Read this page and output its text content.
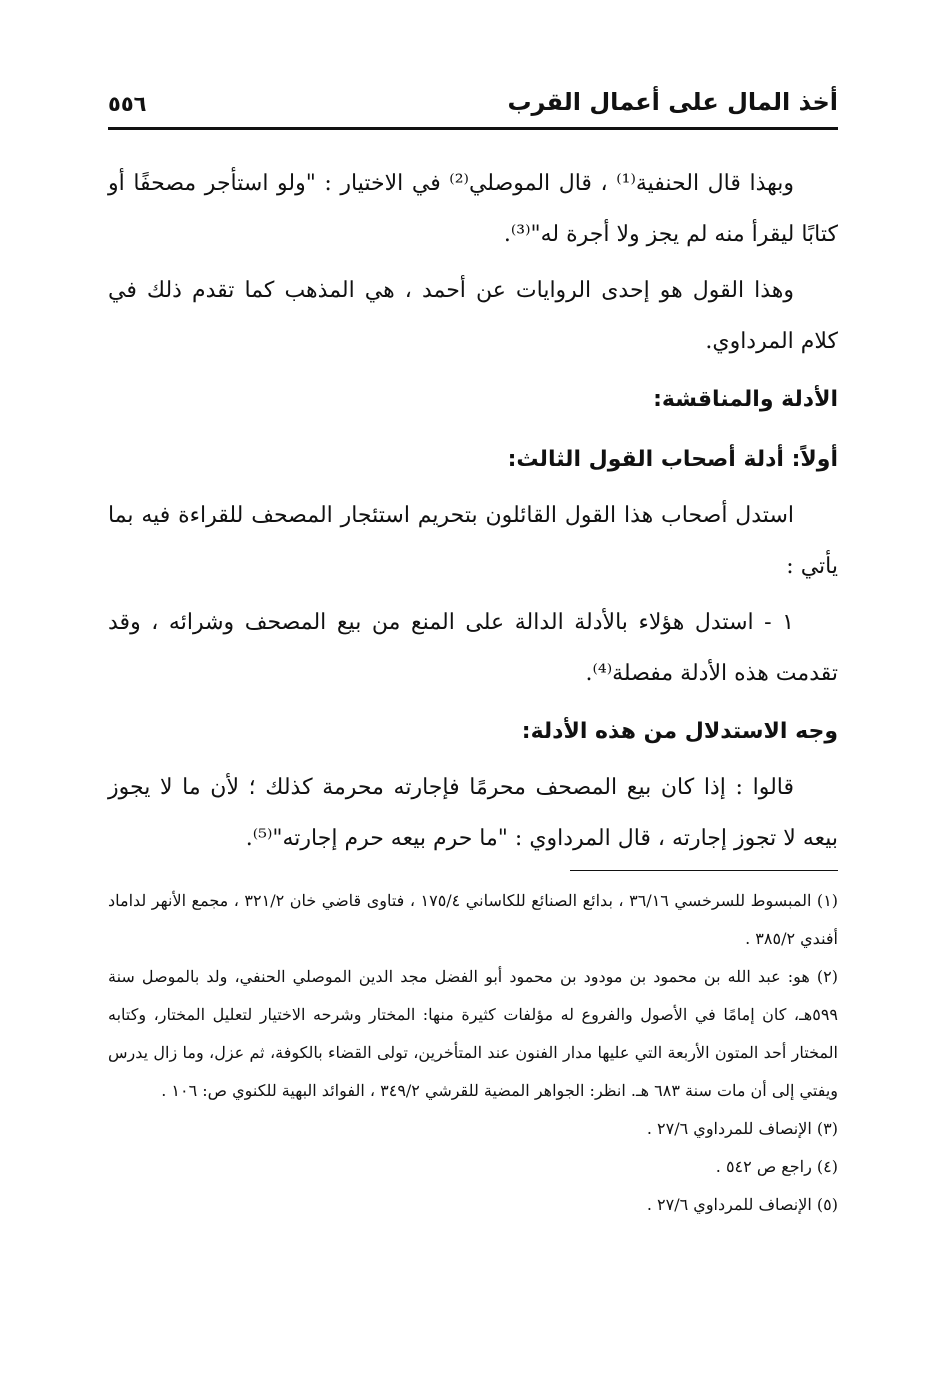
أخذ المال على أعمال القرب
٥٥٦

وبهذا قال الحنفية⁽¹⁾ ، قال الموصلي⁽²⁾ في الاختيار : "ولو استأجر مصحفًا أو كتابًا ليقرأ منه لم يجز ولا أجرة له"⁽³⁾.

وهذا القول هو إحدى الروايات عن أحمد ، هي المذهب كما تقدم ذلك في كلام المرداوي.

الأدلة والمناقشة:
أولاً: أدلة أصحاب القول الثالث:

استدل أصحاب هذا القول القائلون بتحريم استئجار المصحف للقراءة فيه بما يأتي :

١ - استدل هؤلاء بالأدلة الدالة على المنع من بيع المصحف وشرائه ، وقد تقدمت هذه الأدلة مفصلة⁽⁴⁾.

وجه الاستدلال من هذه الأدلة:

قالوا : إذا كان بيع المصحف محرمًا فإجارته محرمة كذلك ؛ لأن ما لا يجوز بيعه لا تجوز إجارته ، قال المرداوي : "ما حرم بيعه حرم إجارته"⁽⁵⁾.

(١) المبسوط للسرخسي ٣٦/١٦ ، بدائع الصنائع للكاساني ١٧٥/٤ ، فتاوى قاضي خان ٣٢١/٢ ، مجمع الأنهر لداماد أفندي ٣٨٥/٢ .

(٢) هو: عبد الله بن محمود بن مودود بن محمود أبو الفضل مجد الدين الموصلي الحنفي، ولد بالموصل سنة ٥٩٩هـ، كان إمامًا في الأصول والفروع له مؤلفات كثيرة منها: المختار وشرحه الاختيار لتعليل المختار، وكتابه المختار أحد المتون الأربعة التي عليها مدار الفنون عند المتأخرين، تولى القضاء بالكوفة، ثم عزل، وما زال يدرس ويفتي إلى أن مات سنة ٦٨٣ هـ. انظر: الجواهر المضية للقرشي ٣٤٩/٢ ، الفوائد البهية للكنوي ص: ١٠٦ .

(٣) الإنصاف للمرداوي ٢٧/٦ .

(٤) راجع ص ٥٤٢ .

(٥) الإنصاف للمرداوي ٢٧/٦ .
